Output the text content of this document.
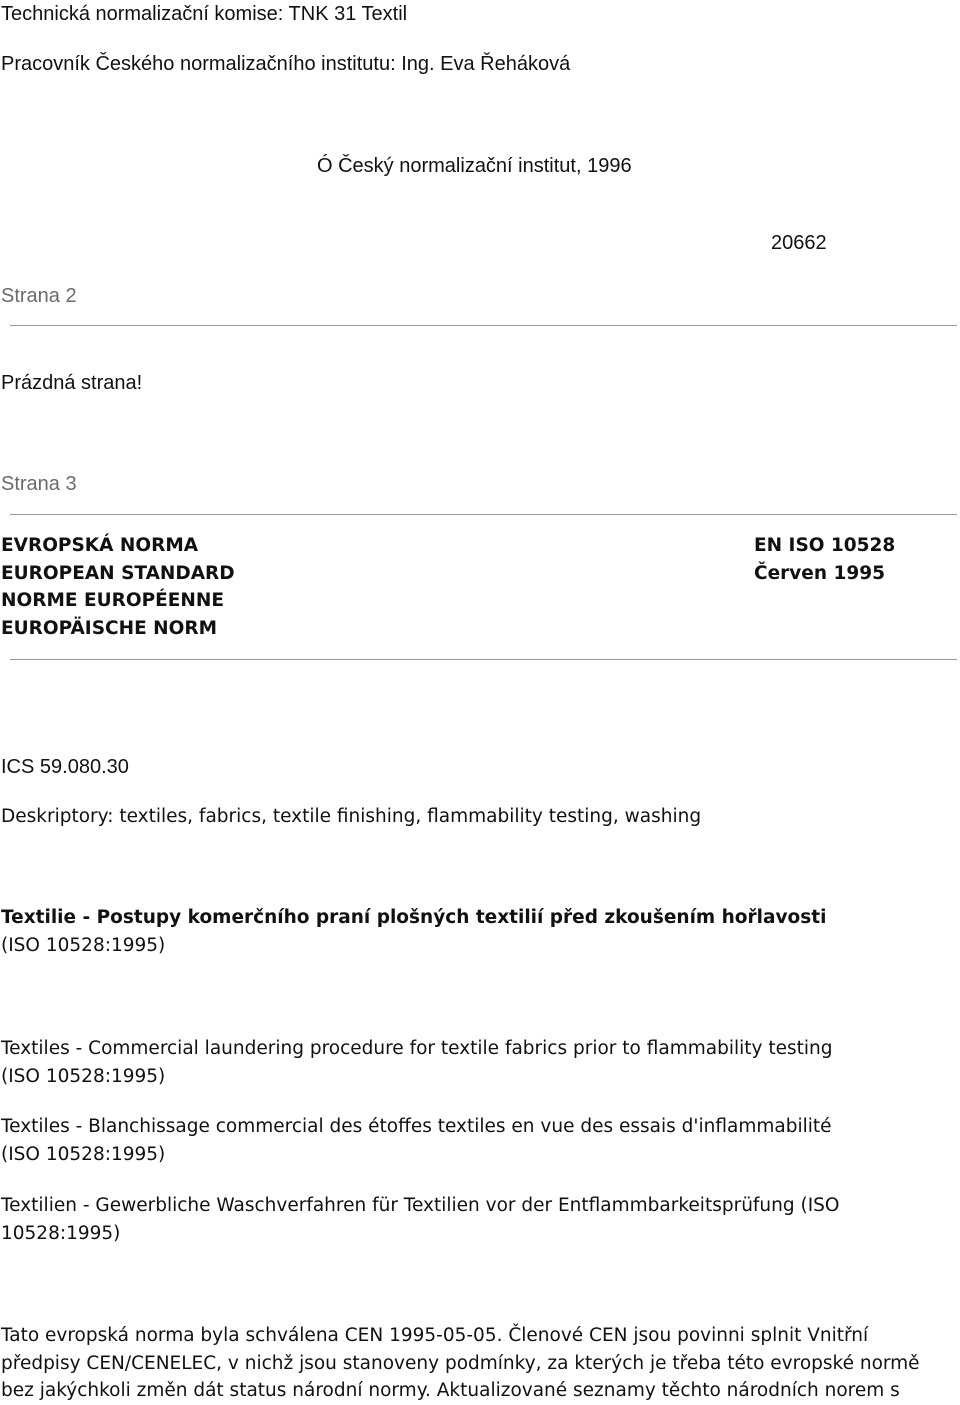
Technická normalizační komise: TNK 31 Textil

Pracovník Českého normalizačního institutu: Ing. Eva Řeháková

Ó Český normalizační institut, 1996

20662

Strana 2

Prázdná strana!

Strana 3

EVROPSKÁ NORMA
EUROPEAN STANDARD
NORME EUROPÉENNE
EUROPÄISCHE NORM
EN ISO 10528
Červen 1995

ICS 59.080.30

Deskriptory: textiles, fabrics, textile finishing, flammability testing, washing

Textilie - Postupy komerčního praní plošných textilií před zkoušením hořlavosti
(ISO 10528:1995)
Textiles - Commercial laundering procedure for textile fabrics prior to flammability testing
(ISO 10528:1995)
Textiles - Blanchissage commercial des étoffes textiles en vue des essais d'inflammabilité
(ISO 10528:1995)
Textilien - Gewerbliche Waschverfahren für Textilien vor der Entflammbarkeitsprüfung (ISO
10528:1995)
Tato evropská norma byla schválena CEN 1995-05-05. Členové CEN jsou povinni splnit Vnitřní
předpisy CEN/CENELEC, v nichž jsou stanoveny podmínky, za kterých je třeba této evropské normě
bez jakýchkoli změn dát status národní normy. Aktualizované seznamy těchto národních norem s
